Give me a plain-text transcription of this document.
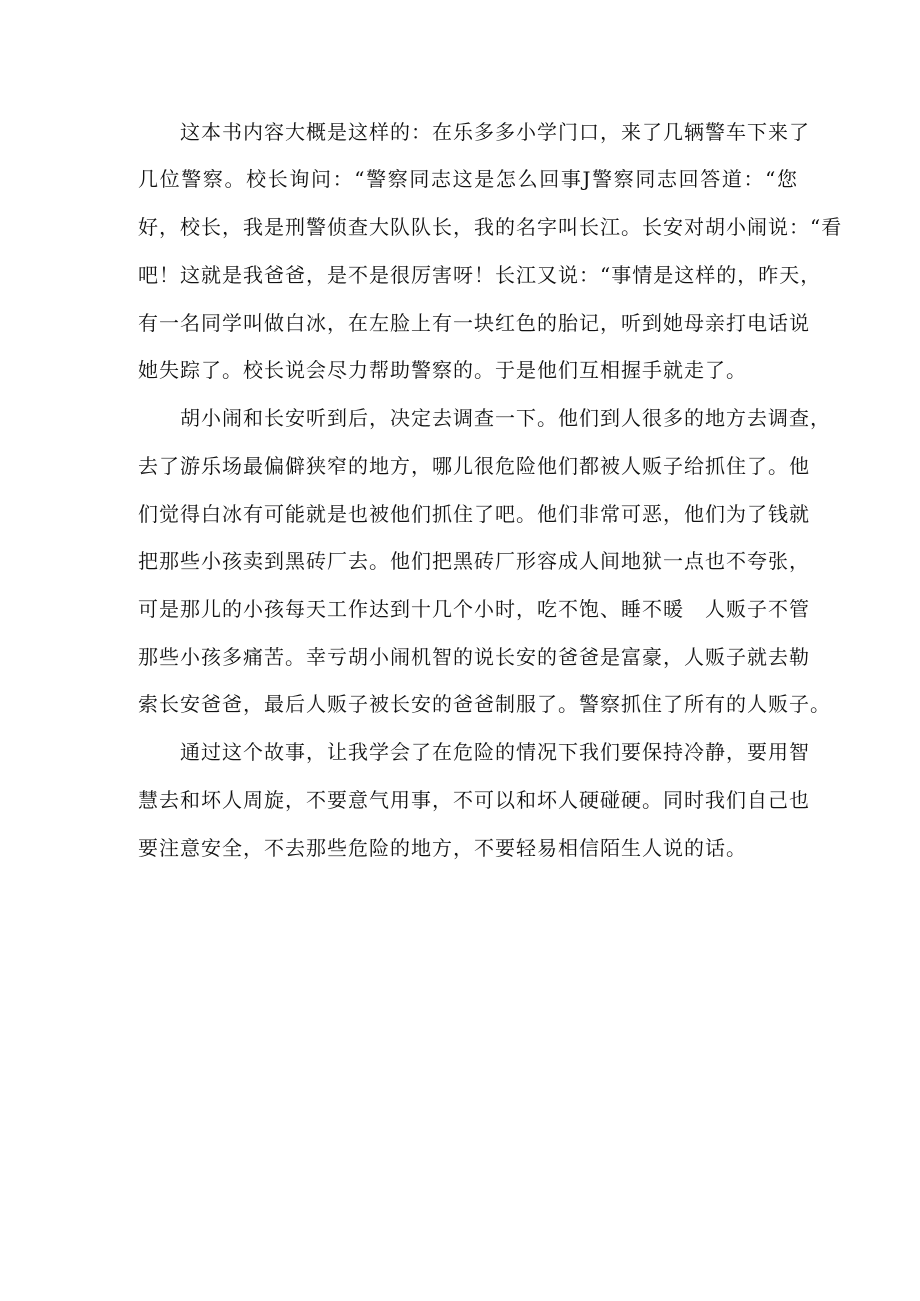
这本书内容大概是这样的：在乐多多小学门口，来了几辆警车下来了
几位警察。校长询问：“警察同志这是怎么回事J警察同志回答道：“您
好，校长，我是刑警侦查大队队长，我的名字叫长江。长安对胡小闹说：“看
吧！这就是我爸爸，是不是很厉害呀！长江又说：“事情是这样的，昨天，
有一名同学叫做白冰，在左脸上有一块红色的胎记，听到她母亲打电话说
她失踪了。校长说会尽力帮助警察的。于是他们互相握手就走了。
胡小闹和长安听到后，决定去调查一下。他们到人很多的地方去调查，
去了游乐场最偏僻狭窄的地方，哪儿很危险他们都被人贩子给抓住了。他
们觉得白冰有可能就是也被他们抓住了吧。他们非常可恶，他们为了钱就
把那些小孩卖到黑砖厂去。他们把黑砖厂形容成人间地狱一点也不夸张，
可是那儿的小孩每天工作达到十几个小时，吃不饱、睡不暖　人贩子不管
那些小孩多痛苦。幸亏胡小闹机智的说长安的爸爸是富豪，人贩子就去勒
索长安爸爸，最后人贩子被长安的爸爸制服了。警察抓住了所有的人贩子。
通过这个故事，让我学会了在危险的情况下我们要保持冷静，要用智
慧去和坏人周旋，不要意气用事，不可以和坏人硬碰硬。同时我们自己也
要注意安全，不去那些危险的地方，不要轻易相信陌生人说的话。
